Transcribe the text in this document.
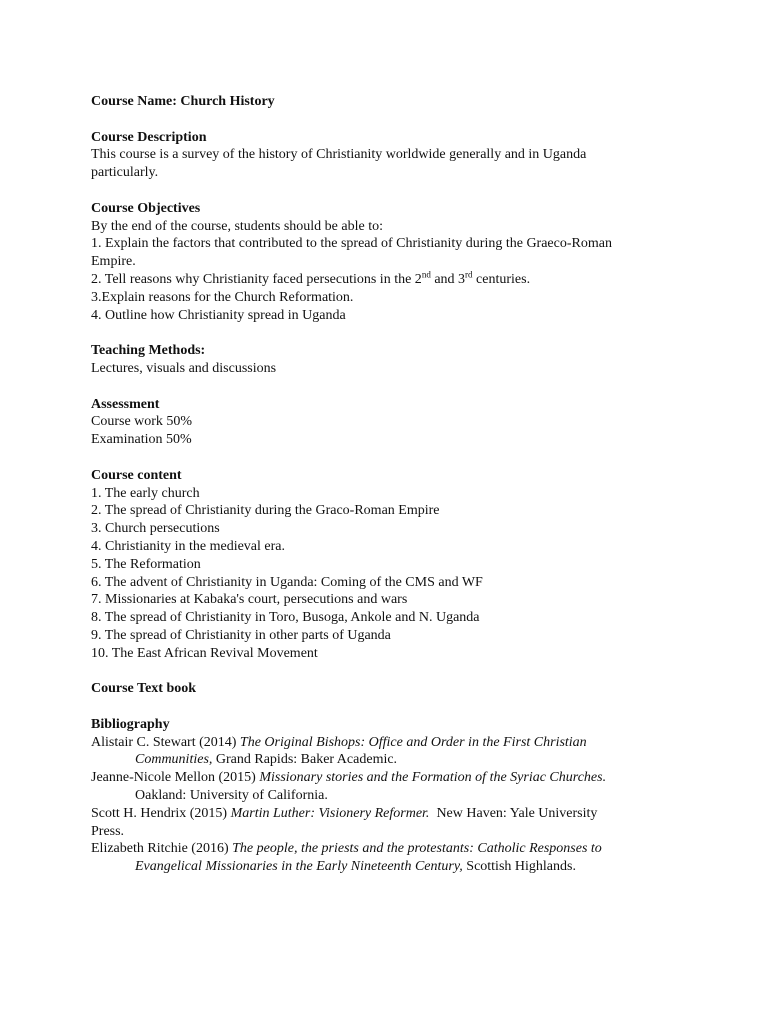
Course Name: Church History
Course Description
This course is a survey of the history of Christianity worldwide generally and in Uganda
particularly.
Course Objectives
By the end of the course, students should be able to:
1. Explain the factors that contributed to the spread of Christianity during the Graeco-Roman
Empire.
2. Tell reasons why Christianity faced persecutions in the 2nd and 3rd centuries.
3.Explain reasons for the Church Reformation.
4. Outline how Christianity spread in Uganda
Teaching Methods:
Lectures, visuals and discussions
Assessment
Course work 50%
Examination 50%
Course content
1. The early church
2. The spread of Christianity during the Graco-Roman Empire
3. Church persecutions
4. Christianity in the medieval era.
5. The Reformation
6. The advent of Christianity in Uganda: Coming of the CMS and WF
7. Missionaries at Kabaka's court, persecutions and wars
8. The spread of Christianity in Toro, Busoga, Ankole and N. Uganda
9. The spread of Christianity in other parts of Uganda
10. The East African Revival Movement
Course Text book
Bibliography
Alistair C. Stewart (2014) The Original Bishops: Office and Order in the First Christian
Communities, Grand Rapids: Baker Academic.
Jeanne-Nicole Mellon (2015) Missionary stories and the Formation of the Syriac Churches.
Oakland: University of California.
Scott H. Hendrix (2015) Martin Luther: Visionery Reformer.  New Haven: Yale University
Press.
Elizabeth Ritchie (2016) The people, the priests and the protestants: Catholic Responses to
Evangelical Missionaries in the Early Nineteenth Century, Scottish Highlands.
